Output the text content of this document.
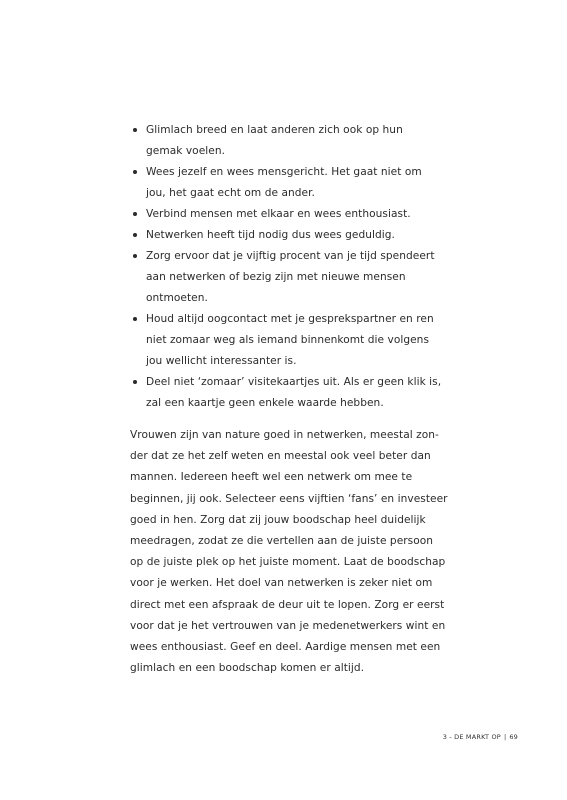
Glimlach breed en laat anderen zich ook op hun
gemak voelen.
Wees jezelf en wees mensgericht. Het gaat niet om
jou, het gaat echt om de ander.
Verbind mensen met elkaar en wees enthousiast.
Netwerken heeft tijd nodig dus wees geduldig.
Zorg ervoor dat je vijftig procent van je tijd spendeert
aan netwerken of bezig zijn met nieuwe mensen
ontmoeten.
Houd altijd oogcontact met je gesprekspartner en ren
niet zomaar weg als iemand binnenkomt die volgens
jou wellicht interessanter is.
Deel niet ‘zomaar’ visitekaartjes uit. Als er geen klik is,
zal een kaartje geen enkele waarde hebben.
Vrouwen zijn van nature goed in netwerken, meestal zon-
der dat ze het zelf weten en meestal ook veel beter dan
mannen. Iedereen heeft wel een netwerk om mee te
beginnen, jij ook. Selecteer eens vijftien ‘fans’ en investeer
goed in hen. Zorg dat zij jouw boodschap heel duidelijk
meedragen, zodat ze die vertellen aan de juiste persoon
op de juiste plek op het juiste moment. Laat de boodschap
voor je werken. Het doel van netwerken is zeker niet om
direct met een afspraak de deur uit te lopen. Zorg er eerst
voor dat je het vertrouwen van je medenetwerkers wint en
wees enthousiast. Geef en deel. Aardige mensen met een
glimlach en een boodschap komen er altijd.
3 - DE MARKT OP | 69
